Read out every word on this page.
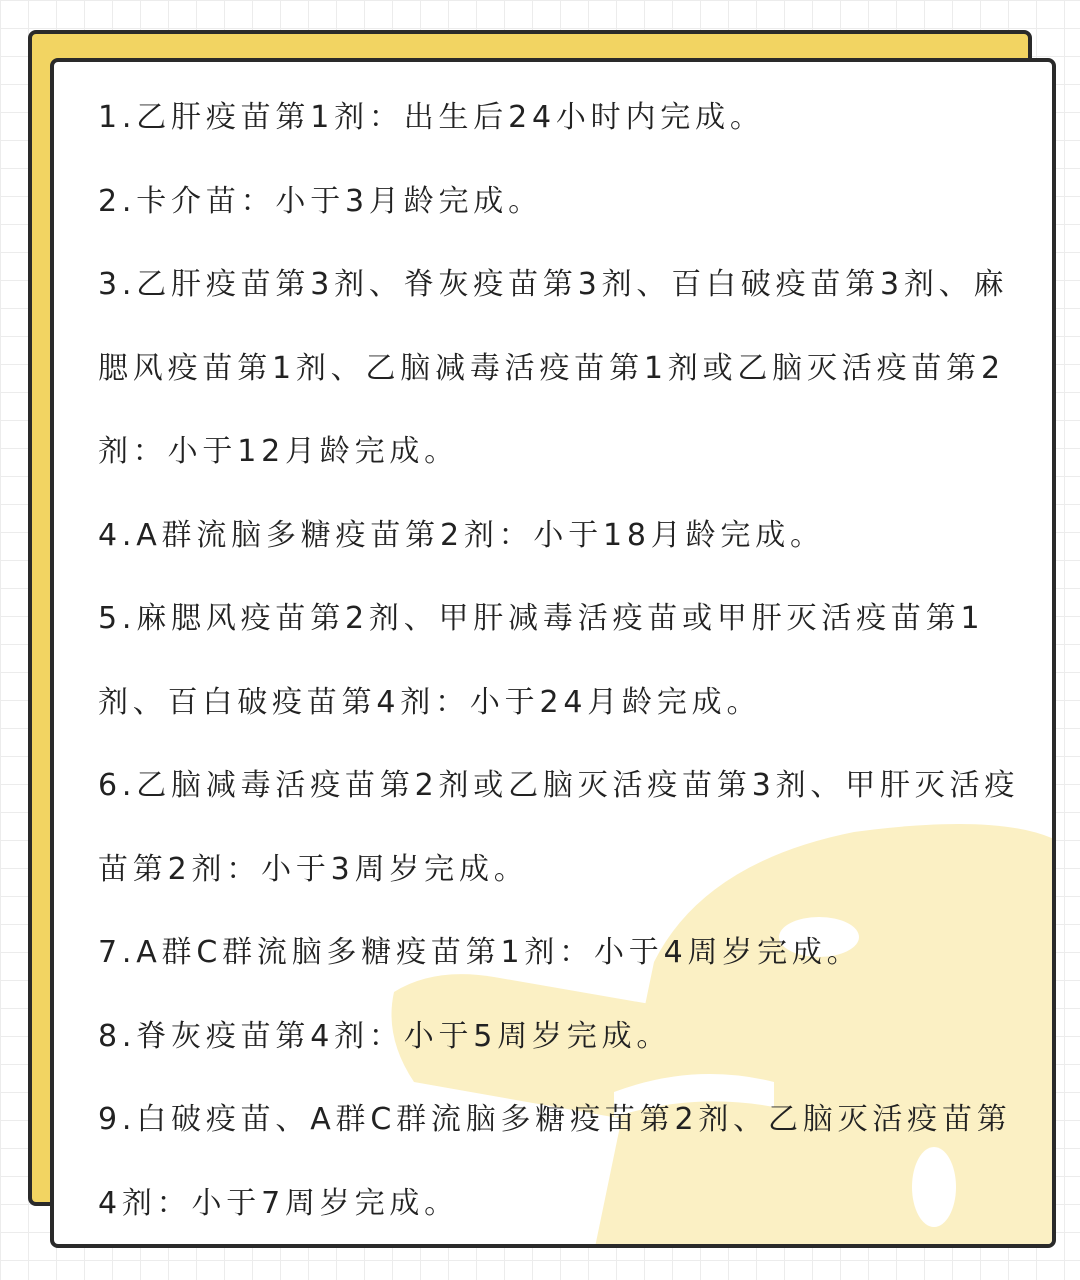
1.乙肝疫苗第1剂：出生后24小时内完成。
2.卡介苗：小于3月龄完成。
3.乙肝疫苗第3剂、脊灰疫苗第3剂、百白破疫苗第3剂、麻
腮风疫苗第1剂、乙脑减毒活疫苗第1剂或乙脑灭活疫苗第2
剂：小于12月龄完成。
4.A群流脑多糖疫苗第2剂：小于18月龄完成。
5.麻腮风疫苗第2剂、甲肝减毒活疫苗或甲肝灭活疫苗第1
剂、百白破疫苗第4剂：小于24月龄完成。
6.乙脑减毒活疫苗第2剂或乙脑灭活疫苗第3剂、甲肝灭活疫
苗第2剂：小于3周岁完成。
7.A群C群流脑多糖疫苗第1剂：小于4周岁完成。
8.脊灰疫苗第4剂：小于5周岁完成。
9.白破疫苗、A群C群流脑多糖疫苗第2剂、乙脑灭活疫苗第
4剂：小于7周岁完成。
